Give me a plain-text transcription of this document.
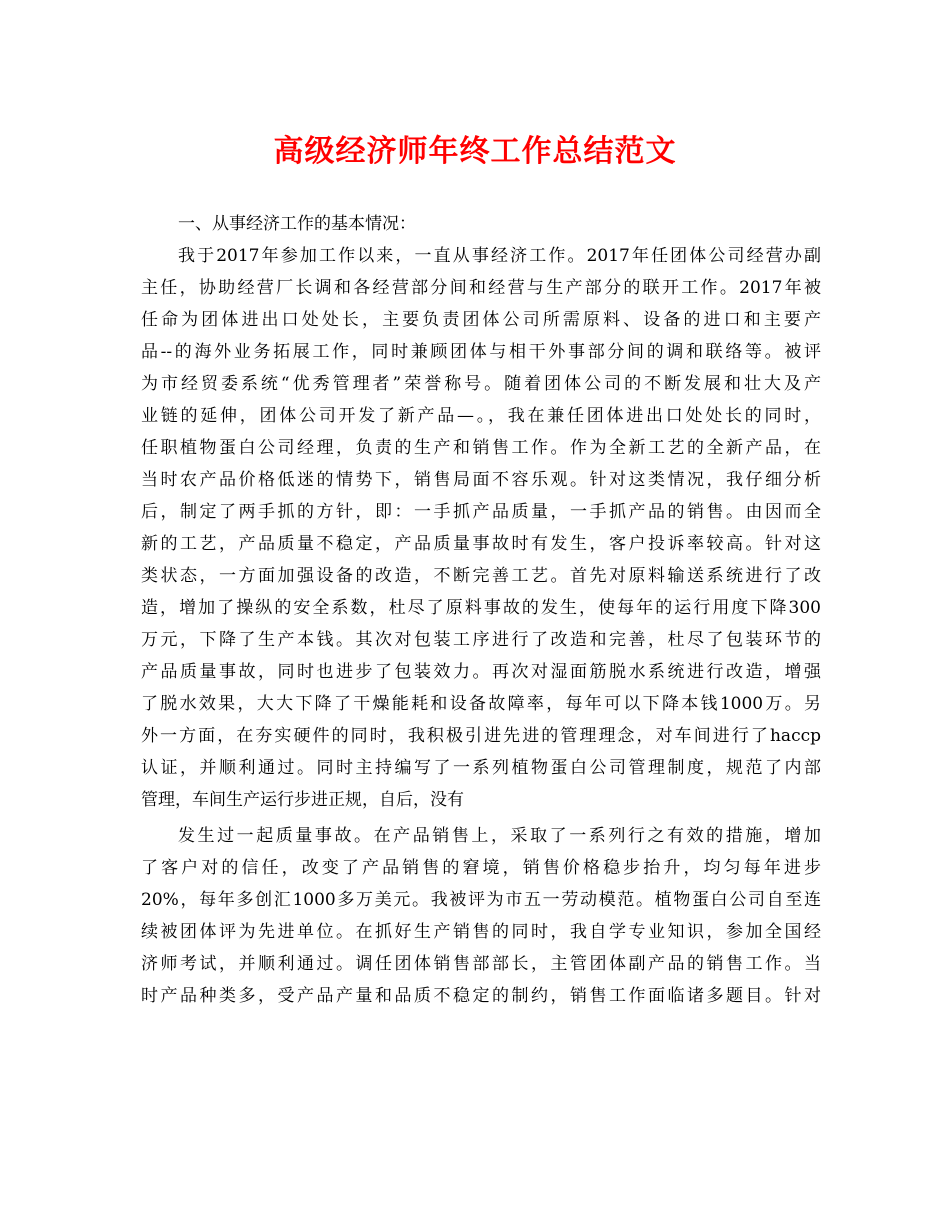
高级经济师年终工作总结范文
一、从事经济工作的基本情况：
我于2017年参加工作以来，一直从事经济工作。2017年任团体公司经营办副
主任，协助经营厂长调和各经营部分间和经营与生产部分的联开工作。2017年被
任命为团体进出口处处长，主要负责团体公司所需原料、设备的进口和主要产
品--的海外业务拓展工作，同时兼顾团体与相干外事部分间的调和联络等。被评
为市经贸委系统“优秀管理者”荣誉称号。随着团体公司的不断发展和壮大及产
业链的延伸，团体公司开发了新产品—。，我在兼任团体进出口处处长的同时，
任职植物蛋白公司经理，负责的生产和销售工作。作为全新工艺的全新产品，在
当时农产品价格低迷的情势下，销售局面不容乐观。针对这类情况，我仔细分析
后，制定了两手抓的方针，即：一手抓产品质量，一手抓产品的销售。由因而全
新的工艺，产品质量不稳定，产品质量事故时有发生，客户投诉率较高。针对这
类状态，一方面加强设备的改造，不断完善工艺。首先对原料输送系统进行了改
造，增加了操纵的安全系数，杜尽了原料事故的发生，使每年的运行用度下降300
万元，下降了生产本钱。其次对包装工序进行了改造和完善，杜尽了包装环节的
产品质量事故，同时也进步了包装效力。再次对湿面筋脱水系统进行改造，增强
了脱水效果，大大下降了干燥能耗和设备故障率，每年可以下降本钱1000万。另
外一方面，在夯实硬件的同时，我积极引进先进的管理理念，对车间进行了haccp
认证，并顺利通过。同时主持编写了一系列植物蛋白公司管理制度，规范了内部
管理，车间生产运行步进正规，自后，没有
发生过一起质量事故。在产品销售上，采取了一系列行之有效的措施，增加
了客户对的信任，改变了产品销售的窘境，销售价格稳步抬升，均匀每年进步
20%，每年多创汇1000多万美元。我被评为市五一劳动模范。植物蛋白公司自至连
续被团体评为先进单位。在抓好生产销售的同时，我自学专业知识，参加全国经
济师考试，并顺利通过。调任团体销售部部长，主管团体副产品的销售工作。当
时产品种类多，受产品产量和品质不稳定的制约，销售工作面临诸多题目。针对
